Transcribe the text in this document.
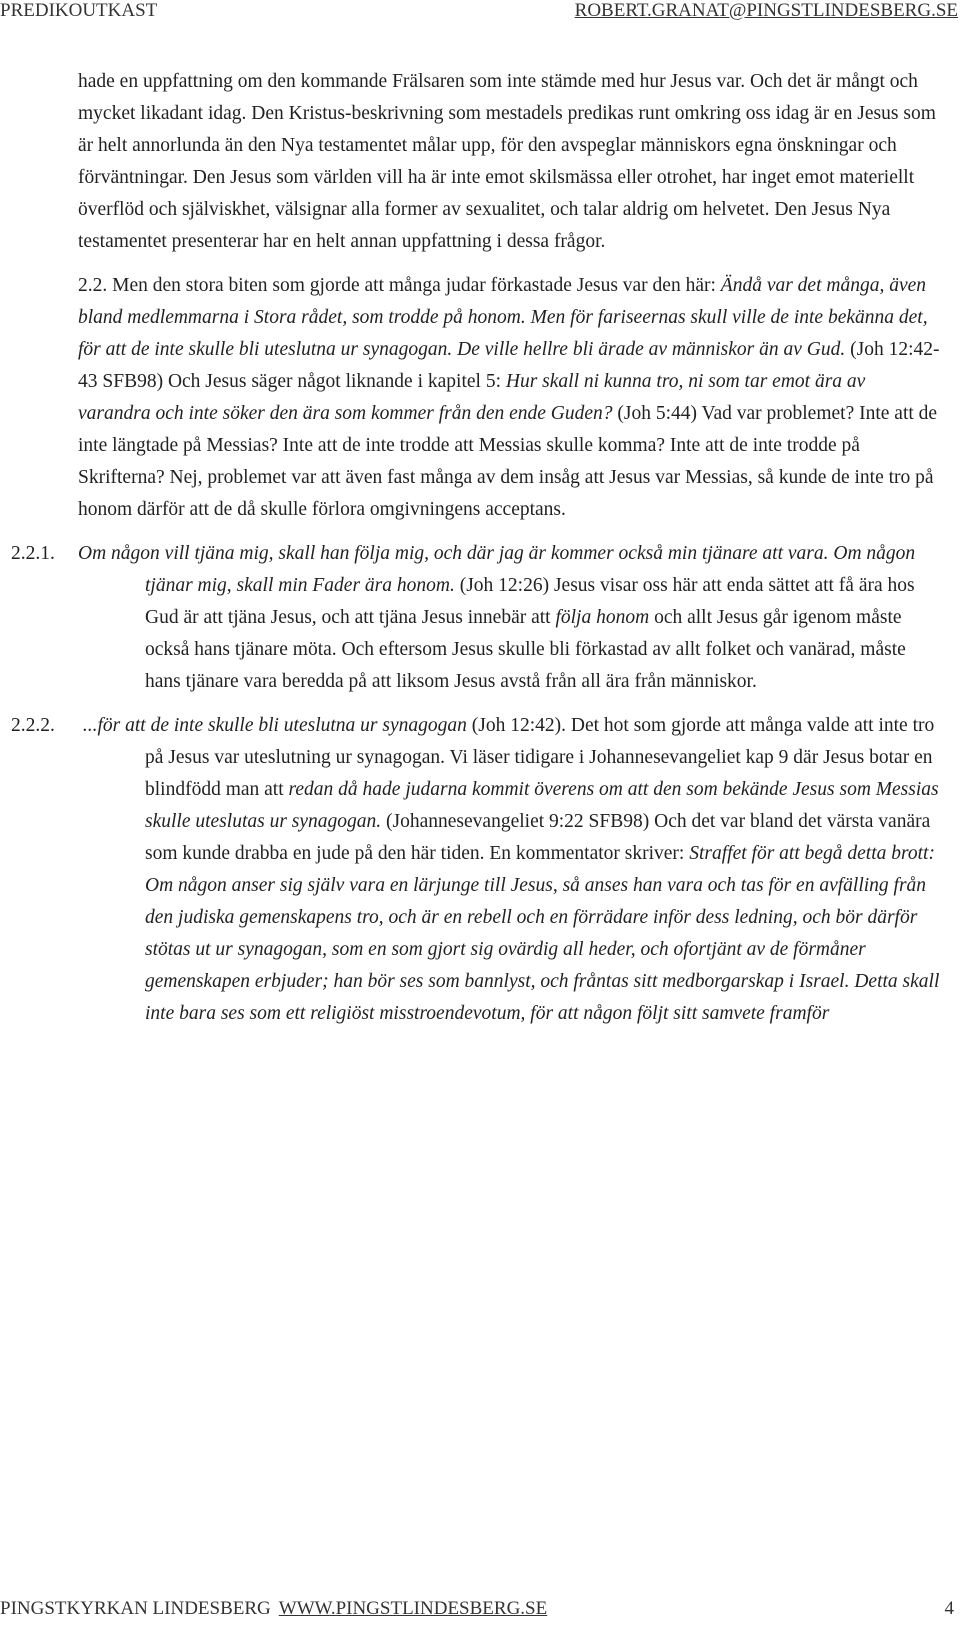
PREDIKOUTKAST	ROBERT.GRANAT@PINGSTLINDESBERG.SE

hade en uppfattning om den kommande Frälsaren som inte stämde med hur Jesus var. Och det är mångt och mycket likadant idag. Den Kristus-beskrivning som mestadels predikas runt omkring oss idag är en Jesus som är helt annorlunda än den Nya testamentet målar upp, för den avspeglar människors egna önskningar och förväntningar. Den Jesus som världen vill ha är inte emot skilsmässa eller otrohet, har inget emot materiellt överflöd och själviskhet, välsignar alla former av sexualitet, och talar aldrig om helvetet. Den Jesus Nya testamentet presenterar har en helt annan uppfattning i dessa frågor.

2.2. Men den stora biten som gjorde att många judar förkastade Jesus var den här: Ändå var det många, även bland medlemmarna i Stora rådet, som trodde på honom. Men för fariseernas skull ville de inte bekänna det, för att de inte skulle bli uteslutna ur synagogan. De ville hellre bli ärade av människor än av Gud. (Joh 12:42-43 SFB98) Och Jesus säger något liknande i kapitel 5: Hur skall ni kunna tro, ni som tar emot ära av varandra och inte söker den ära som kommer från den ende Guden? (Joh 5:44) Vad var problemet? Inte att de inte längtade på Messias? Inte att de inte trodde att Messias skulle komma? Inte att de inte trodde på Skrifterna? Nej, problemet var att även fast många av dem insåg att Jesus var Messias, så kunde de inte tro på honom därför att de då skulle förlora omgivningens acceptans.

2.2.1. Om någon vill tjäna mig, skall han följa mig, och där jag är kommer också min tjänare att vara. Om någon tjänar mig, skall min Fader ära honom. (Joh 12:26) Jesus visar oss här att enda sättet att få ära hos Gud är att tjäna Jesus, och att tjäna Jesus innebär att följa honom och allt Jesus går igenom måste också hans tjänare möta. Och eftersom Jesus skulle bli förkastad av allt folket och vanärad, måste hans tjänare vara beredda på att liksom Jesus avstå från all ära från människor.

2.2.2. ...för att de inte skulle bli uteslutna ur synagogan (Joh 12:42). Det hot som gjorde att många valde att inte tro på Jesus var uteslutning ur synagogan. Vi läser tidigare i Johannesevangeliet kap 9 där Jesus botar en blindfödd man att redan då hade judarna kommit överens om att den som bekände Jesus som Messias skulle uteslutas ur synagogan. (Johannesevangeliet 9:22 SFB98) Och det var bland det värsta vanära som kunde drabba en jude på den här tiden. En kommentator skriver: Straffet för att begå detta brott: Om någon anser sig själv vara en lärjunge till Jesus, så anses han vara och tas för en avfälling från den judiska gemenskapens tro, och är en rebell och en förrädare inför dess ledning, och bör därför stötas ut ur synagogan, som en som gjort sig ovärdig all heder, och ofortjänt av de förmåner gemenskapen erbjuder; han bör ses som bannlyst, och fråntas sitt medborgarskap i Israel. Detta skall inte bara ses som ett religiöst misstroendevotum, för att någon följt sitt samvete framför

PINGSTKYRKAN LINDESBERG WWW.PINGSTLINDESBERG.SE	4
